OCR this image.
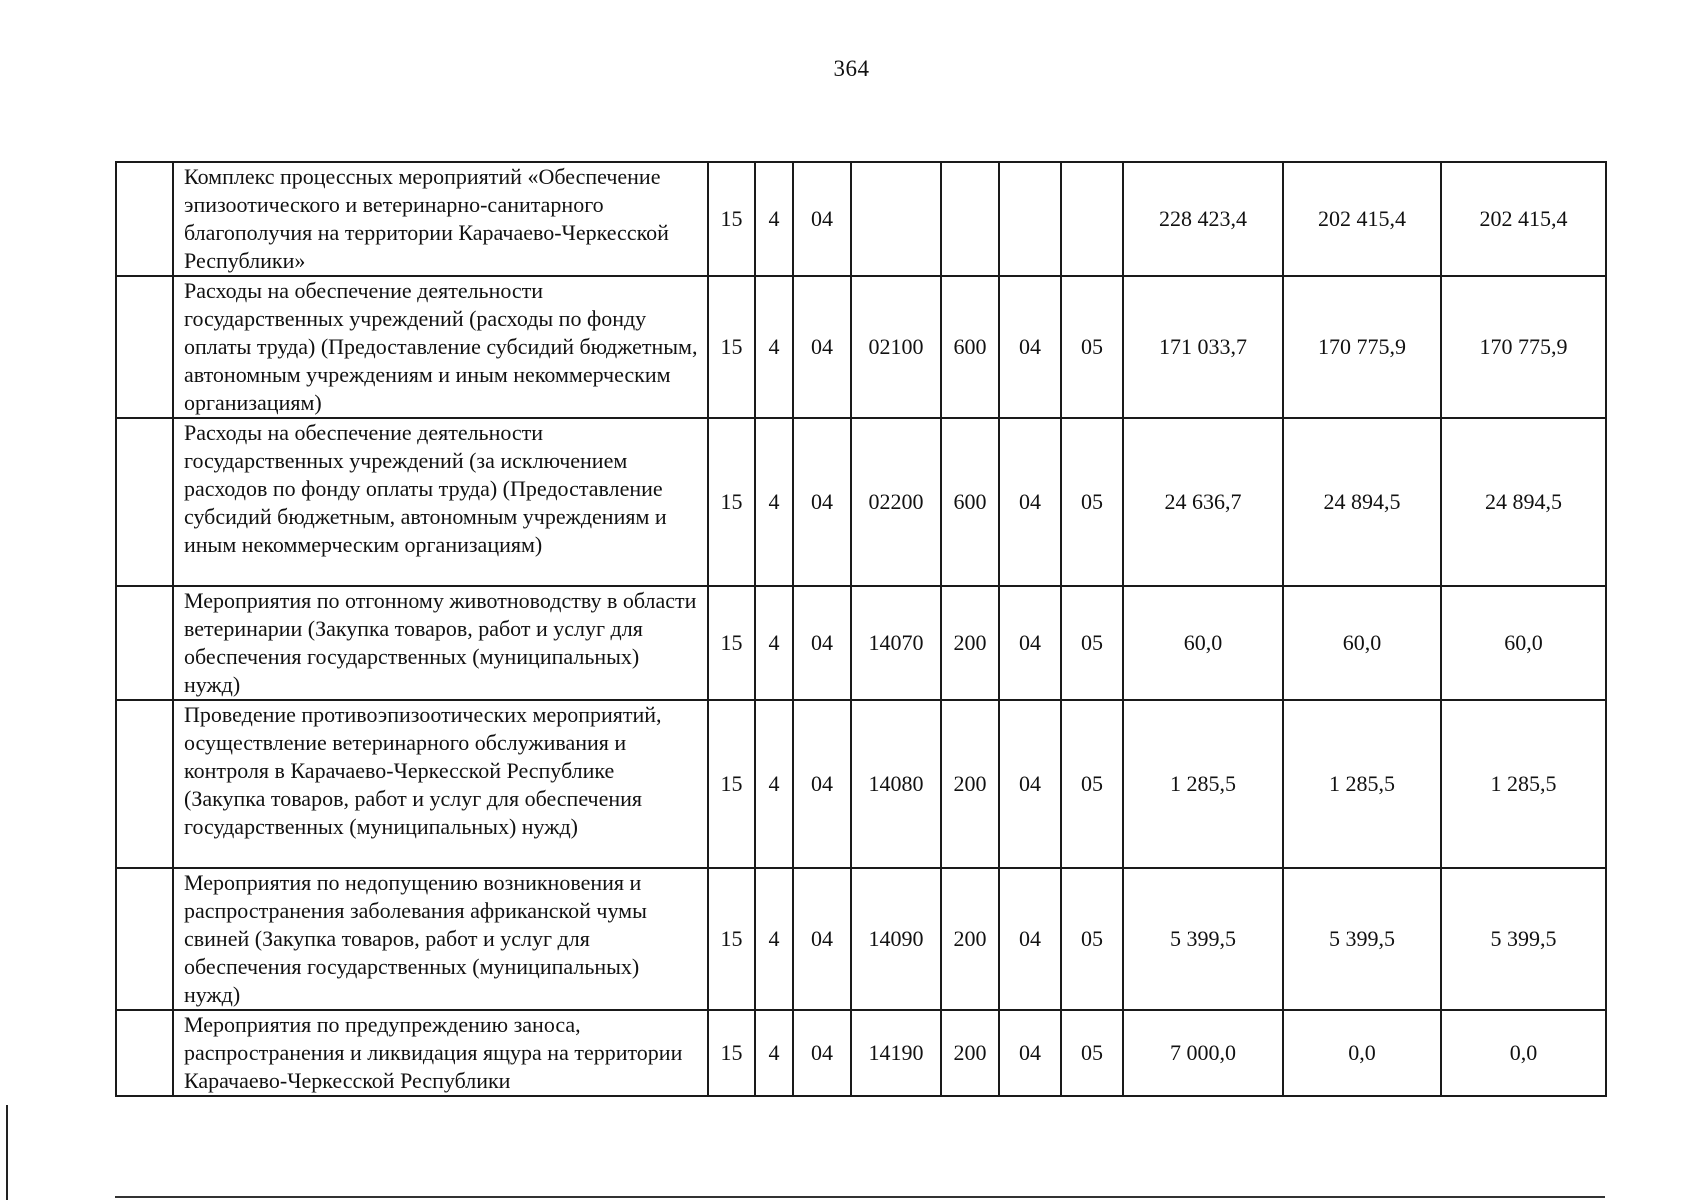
364
	Комплекс процессных мероприятий «Обеспечение эпизоотического и ветеринарно-санитарного благополучия на территории Карачаево-Черкесской Республики»	15	4	04					228 423,4	202 415,4	202 415,4
	Расходы на обеспечение деятельности государственных учреждений (расходы по фонду оплаты труда) (Предоставление субсидий бюджетным, автономным учреждениям и иным некоммерческим организациям)	15	4	04	02100	600	04	05	171 033,7	170 775,9	170 775,9
	Расходы на обеспечение деятельности государственных учреждений (за исключением расходов по фонду оплаты труда) (Предоставление субсидий бюджетным, автономным учреждениям и иным некоммерческим организациям)	15	4	04	02200	600	04	05	24 636,7	24 894,5	24 894,5
	Мероприятия по отгонному животноводству в области ветеринарии (Закупка товаров, работ и услуг для обеспечения государственных (муниципальных) нужд)	15	4	04	14070	200	04	05	60,0	60,0	60,0
	Проведение противоэпизоотических мероприятий, осуществление ветеринарного обслуживания и контроля в Карачаево-Черкесской Республике (Закупка товаров, работ и услуг для обеспечения государственных (муниципальных) нужд)	15	4	04	14080	200	04	05	1 285,5	1 285,5	1 285,5
	Мероприятия по недопущению возникновения и распространения заболевания африканской чумы свиней (Закупка товаров, работ и услуг для обеспечения государственных (муниципальных) нужд)	15	4	04	14090	200	04	05	5 399,5	5 399,5	5 399,5
	Мероприятия по предупреждению заноса, распространения и ликвидация ящура на территории Карачаево-Черкесской Республики	15	4	04	14190	200	04	05	7 000,0	0,0	0,0
